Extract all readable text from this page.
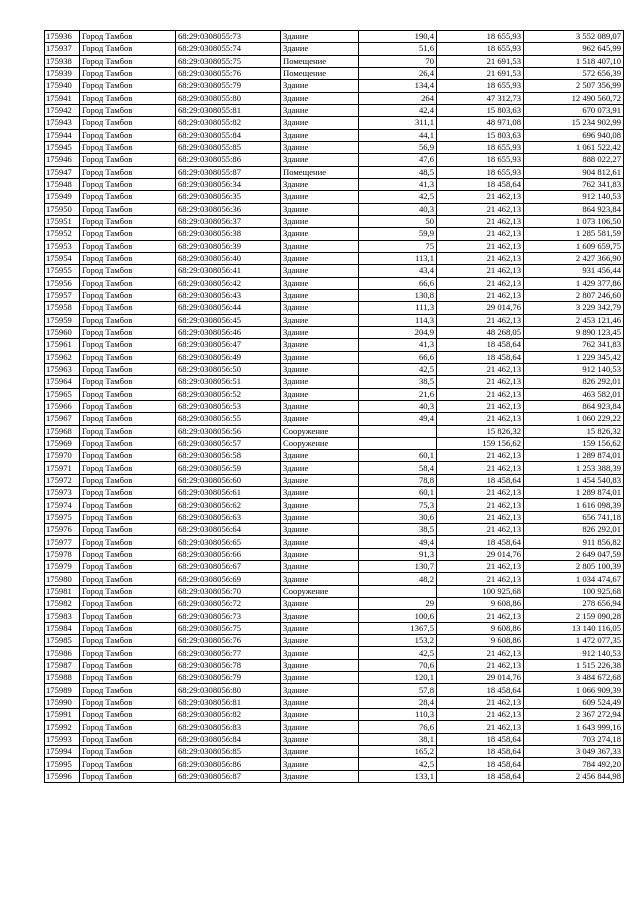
175936	Город Тамбов	68:29:0308055:73	Здание	190,4	18 655,93	3 552 089,07
175937	Город Тамбов	68:29:0308055:74	Здание	51,6	18 655,93	962 645,99
175938	Город Тамбов	68:29:0308055:75	Помещение	70	21 691,53	1 518 407,10
175939	Город Тамбов	68:29:0308055:76	Помещение	26,4	21 691,53	572 656,39
175940	Город Тамбов	68:29:0308055:79	Здание	134,4	18 655,93	2 507 356,99
175941	Город Тамбов	68:29:0308055:80	Здание	264	47 312,73	12 490 560,72
175942	Город Тамбов	68:29:0308055:81	Здание	42,4	15 803,63	670 073,91
175943	Город Тамбов	68:29:0308055:82	Здание	311,1	48 971,08	15 234 902,99
175944	Город Тамбов	68:29:0308055:84	Здание	44,1	15 803,63	696 940,08
175945	Город Тамбов	68:29:0308055:85	Здание	56,9	18 655,93	1 061 522,42
175946	Город Тамбов	68:29:0308055:86	Здание	47,6	18 655,93	888 022,27
175947	Город Тамбов	68:29:0308055:87	Помещение	48,5	18 655,93	904 812,61
175948	Город Тамбов	68:29:0308056:34	Здание	41,3	18 458,64	762 341,83
175949	Город Тамбов	68:29:0308056:35	Здание	42,5	21 462,13	912 140,53
175950	Город Тамбов	68:29:0308056:36	Здание	40,3	21 462,13	864 923,84
175951	Город Тамбов	68:29:0308056:37	Здание	50	21 462,13	1 073 106,50
175952	Город Тамбов	68:29:0308056:38	Здание	59,9	21 462,13	1 285 581,59
175953	Город Тамбов	68:29:0308056:39	Здание	75	21 462,13	1 609 659,75
175954	Город Тамбов	68:29:0308056:40	Здание	113,1	21 462,13	2 427 366,90
175955	Город Тамбов	68:29:0308056:41	Здание	43,4	21 462,13	931 456,44
175956	Город Тамбов	68:29:0308056:42	Здание	66,6	21 462,13	1 429 377,86
175957	Город Тамбов	68:29:0308056:43	Здание	130,8	21 462,13	2 807 246,60
175958	Город Тамбов	68:29:0308056:44	Здание	111,3	29 014,76	3 229 342,79
175959	Город Тамбов	68:29:0308056:45	Здание	114,3	21 462,13	2 453 121,46
175960	Город Тамбов	68:29:0308056:46	Здание	204,9	48 268,05	9 890 123,45
175961	Город Тамбов	68:29:0308056:47	Здание	41,3	18 458,64	762 341,83
175962	Город Тамбов	68:29:0308056:49	Здание	66,6	18 458,64	1 229 345,42
175963	Город Тамбов	68:29:0308056:50	Здание	42,5	21 462,13	912 140,53
175964	Город Тамбов	68:29:0308056:51	Здание	38,5	21 462,13	826 292,01
175965	Город Тамбов	68:29:0308056:52	Здание	21,6	21 462,13	463 582,01
175966	Город Тамбов	68:29:0308056:53	Здание	40,3	21 462,13	864 923,84
175967	Город Тамбов	68:29:0308056:55	Здание	49,4	21 462,13	1 060 229,22
175968	Город Тамбов	68:29:0308056:56	Сооружение		15 826,32	15 826,32
175969	Город Тамбов	68:29:0308056:57	Сооружение		159 156,62	159 156,62
175970	Город Тамбов	68:29:0308056:58	Здание	60,1	21 462,13	1 289 874,01
175971	Город Тамбов	68:29:0308056:59	Здание	58,4	21 462,13	1 253 388,39
175972	Город Тамбов	68:29:0308056:60	Здание	78,8	18 458,64	1 454 540,83
175973	Город Тамбов	68:29:0308056:61	Здание	60,1	21 462,13	1 289 874,01
175974	Город Тамбов	68:29:0308056:62	Здание	75,3	21 462,13	1 616 098,39
175975	Город Тамбов	68:29:0308056:63	Здание	30,6	21 462,13	656 741,18
175976	Город Тамбов	68:29:0308056:64	Здание	38,5	21 462,13	826 292,01
175977	Город Тамбов	68:29:0308056:65	Здание	49,4	18 458,64	911 856,82
175978	Город Тамбов	68:29:0308056:66	Здание	91,3	29 014,76	2 649 047,59
175979	Город Тамбов	68:29:0308056:67	Здание	130,7	21 462,13	2 805 100,39
175980	Город Тамбов	68:29:0308056:69	Здание	48,2	21 462,13	1 034 474,67
175981	Город Тамбов	68:29:0308056:70	Сооружение		100 925,68	100 925,68
175982	Город Тамбов	68:29:0308056:72	Здание	29	9 608,86	278 656,94
175983	Город Тамбов	68:29:0308056:73	Здание	100,6	21 462,13	2 159 090,28
175984	Город Тамбов	68:29:0308056:75	Здание	1367,5	9 608,86	13 140 116,05
175985	Город Тамбов	68:29:0308056:76	Здание	153,2	9 608,86	1 472 077,35
175986	Город Тамбов	68:29:0308056:77	Здание	42,5	21 462,13	912 140,53
175987	Город Тамбов	68:29:0308056:78	Здание	70,6	21 462,13	1 515 226,38
175988	Город Тамбов	68:29:0308056:79	Здание	120,1	29 014,76	3 484 672,68
175989	Город Тамбов	68:29:0308056:80	Здание	57,8	18 458,64	1 066 909,39
175990	Город Тамбов	68:29:0308056:81	Здание	28,4	21 462,13	609 524,49
175991	Город Тамбов	68:29:0308056:82	Здание	110,3	21 462,13	2 367 272,94
175992	Город Тамбов	68:29:0308056:83	Здание	76,6	21 462,13	1 643 999,16
175993	Город Тамбов	68:29:0308056:84	Здание	38,1	18 458,64	703 274,18
175994	Город Тамбов	68:29:0308056:85	Здание	165,2	18 458,64	3 049 367,33
175995	Город Тамбов	68:29:0308056:86	Здание	42,5	18 458,64	784 492,20
175996	Город Тамбов	68:29:0308056:87	Здание	133,1	18 458,64	2 456 844,98
